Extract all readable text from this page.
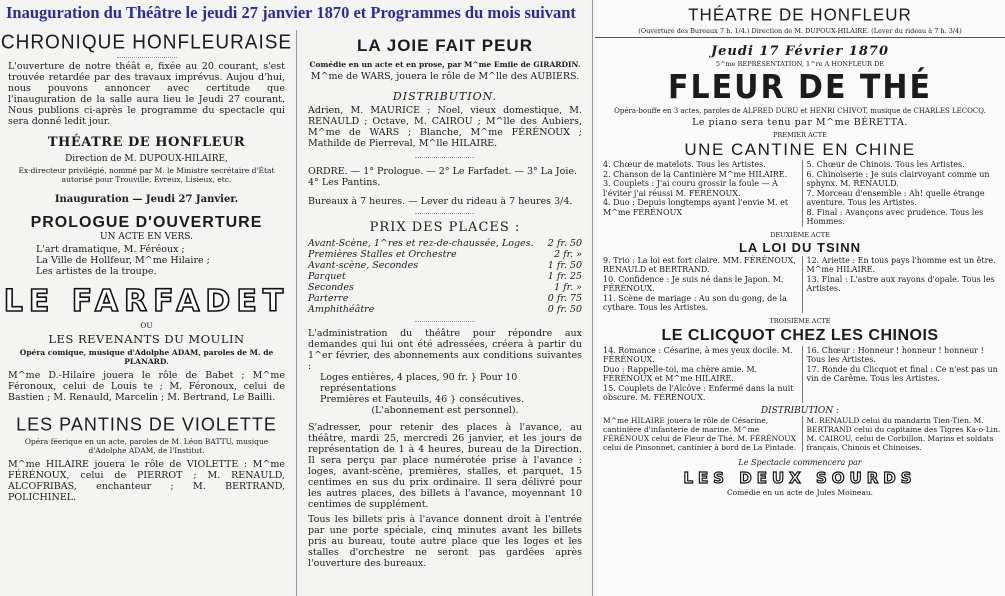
Inauguration du Théâtre le jeudi 27 janvier 1870 et Programmes du mois suivant
CHRONIQUE HONFLEURAISE
L'ouverture de notre théât e, fixée au 20 courant, s'est trouvée retardée par des travaux imprévus. Aujou d'hui, nous pouvons annoncer avec certitude que l'inauguration de la salle aura lieu le Jeudi 27 courant. Nous publions ci-après le programme du spectacle qui sera donné ledit jour.
THÉATRE DE HONFLEUR
Direction de M. DUPOUX-HILAIRE,
Ex-directeur privilégié, nommé par M. le Ministre secrétaire d'État autorisé pour Trouville, Evreux, Lisieux, etc.
Inauguration — Jeudi 27 Janvier.
PROLOGUE D'OUVERTURE
UN ACTE EN VERS.
L'art dramatique, M. Féréoux ;
La Ville de Hollfeur, M^me Hilaire ;
Les artistes de la troupe.
LE FARFADET
OU
LES REVENANTS DU MOULIN
Opéra comique, musique d'Adolphe ADAM, paroles de M. de PLANARD.
M^me D.-Hilaire jouera le rôle de Babet ; M^me Féronoux, celui de Louis te ; M. Féronoux, celui de Bastien ; M. Renauld, Marcelin ; M. Bertrand, Le Bailli.
LES PANTINS DE VIOLETTE
Opéra féerique en un acte, paroles de M. Léon BATTU, musique d'Adolphe ADAM, de l'Institut.
M^me HILAIRE jouera le rôle de VIOLETTE : M^me FÉRÉNOUX, celui de PIERROT ; M. RENAULD, ALCOFRIBAS, enchanteur ; M. BERTRAND, POLICHINEL.
LA JOIE FAIT PEUR
Comédie en un acte et en prose, par M^me Emile de GIRARDIN.
M^me de WARS, jouera le rôle de M^lle des AUBIERS.
DISTRIBUTION.
Adrien, M. MAURICE ; Noel, vieux domestique, M. RENAULD ; Octave, M. CAIROU ; M^lle des Aubiers, M^me de WARS ; Blanche, M^me FÉRÉNOUX ; Mathilde de Pierreval, M^lle HILAIRE.
ORDRE. — 1° Prologue. — 2° Le Farfadet. — 3° La Joie. 4° Les Pantins.
Bureaux à 7 heures. — Lever du rideau à 7 heures 3/4.
PRIX DES PLACES :
Avant-Scène, 1^res et rez-de-chaussée, Loges.	2 fr. 50
Premières Stalles et Orchestre	2 fr. »
Avant-scène, Secondes	1 fr. 50
Parquet	1 fr. 25
Secondes	1 fr. »
Parterre	0 fr. 75
Amphithéâtre	0 fr. 50
L'administration du théâtre pour répondre aux demandes qui lui ont été adressées, créera à partir du 1^er février, des abonnements aux conditions suivantes :
Loges entières, 4 places, 90 fr. } Pour 10 représentations
Premières et Fauteuils, 46 } consécutives.
(L'abonnement est personnel).
S'adresser, pour retenir des places à l'avance, au théâtre, mardi 25, mercredi 26 janvier, et les jours de représentation de 1 à 4 heures, bureau de la Direction. Il sera perçu par place numérotée prise à l'avance : loges, avant-scène, premières, stalles, et parquet, 15 centimes en sus du prix ordinaire. Il sera délivré pour les autres places, des billets à l'avance, moyennant 10 centimes de supplément.
Tous les billets pris à l'avance donnent droit à l'entrée par une porte spéciale, cinq minutes avant les billets pris au bureau, toute autre place que les loges et les stalles d'orchestre ne seront pas gardées après l'ouverture des bureaux.
THÉATRE DE HONFLEUR
(Ouverture des Bureaux 7 h. 1/4.) Direction de M. DUPOUX-HILAIRE. (Lever du rideau à 7 h. 3/4)
Jeudi 17 Février 1870
5^me REPRÉSENTATION, 1^re A HONFLEUR DE
FLEUR DE THÉ
Opéra-bouffe en 3 actes, paroles de ALFRED DURU et HENRI CHIVOT, musique de CHARLES LECOCQ.
Le piano sera tenu par M^me BÉRETTA.
PREMIER ACTE
UNE CANTINE EN CHINE
4. Chœur de matelots. Tous les Artistes.
2. Chanson de la Cantinière M^me HILAIRE.
3. Couplets : J'ai couru grossir la foule — À l'éviter j'ai réussi M. FÉRÉNOUX.
4. Duo : Depuis longtemps ayant l'envie M. et M^me FÉRÉNOUX
5. Chœur de Chinois. Tous les Artistes.
6. Chinoiserie : Je suis clairvoyant comme un sphynx. M. RENAULD.
7. Morceau d'ensemble : Ah! quelle étrange aventure. Tous les Artistes.
8. Final : Avançons avec prudence. Tous les Hommes.
DEUXIÈME ACTE
LA LOI DU TSINN
9. Trio : La loi est fort claire. MM. FÉRÉNOUX, RENAULD et BERTRAND.
10. Confidence : Je suis né dans le Japon. M. FÉRÉNOUX.
11. Scène de mariage : Au son du gong, de la cythare. Tous les Artistes.
12. Ariette : En tous pays l'homme est un être. M^me HILAIRE.
13. Final : L'astre aux rayons d'opale. Tous les Artistes.
TROISIÈME ACTE
LE CLICQUOT CHEZ LES CHINOIS
14. Romance : Césarine, à mes yeux docile. M. FÉRÉNOUX.
Duo : Rappelle-toi, ma chère amie. M. FÉRÉNOUX et M^me HILAIRE.
15. Couplets de l'Alcôve : Enfermé dans la nuit obscure. M. FÉRÉNOUX.
16. Chœur : Honneur ! honneur ! honneur ! Tous les Artistes.
17. Ronde du Clicquot et final : Ce n'est pas un vin de Carême. Tous les Artistes.
DISTRIBUTION :
M^me HILAIRE jouera le rôle de Césarine, cantinière d'infanterie de marine. M^me FÉRÉNOUX celui de Fleur de Thé. M. FÉRÉNOUX celui de Pinsonnet, cantinier à bord de La Pintade.
M. RENAULD celui du mandarin Tien-Tien. M. BERTRAND celui du capitaine des Tigres Ka-o-Lin. M. CAIROU, celui de Corbillon. Marins et soldats français, Chinois et Chinoises.
Le Spectacle commencera par
LES DEUX SOURDS
Comédie en un acte de Jules Moineau.
